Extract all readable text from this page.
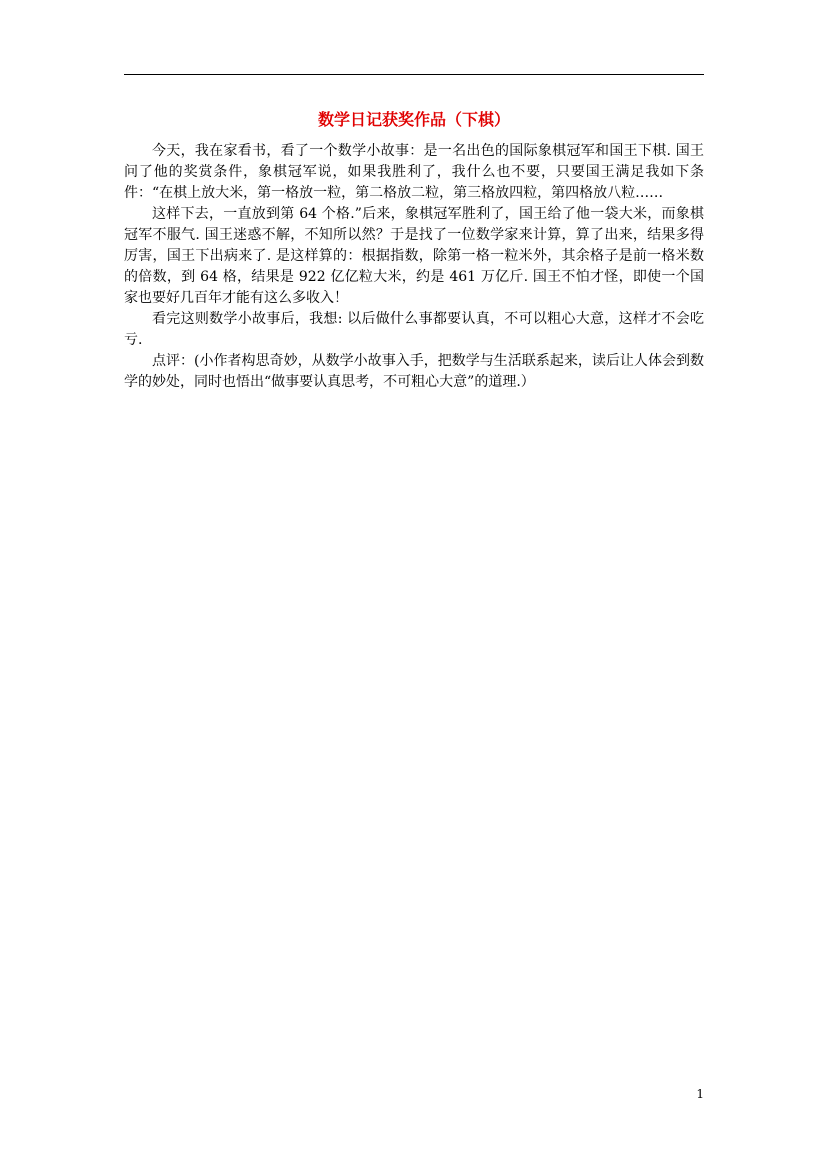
数学日记获奖作品（下棋）

今天，我在家看书，看了一个数学小故事：是一名出色的国际象棋冠军和国王下棋. 国王问了他的奖赏条件，象棋冠军说，如果我胜利了，我什么也不要，只要国王满足我如下条件：“在棋上放大米，第一格放一粒，第二格放二粒，第三格放四粒，第四格放八粒……

这样下去，一直放到第 64 个格.”后来，象棋冠军胜利了，国王给了他一袋大米，而象棋冠军不服气. 国王迷惑不解，不知所以然？于是找了一位数学家来计算，算了出来，结果多得厉害，国王下出病来了. 是这样算的：根据指数，除第一格一粒米外，其余格子是前一格米数的倍数，到 64 格，结果是 922 亿亿粒大米，约是 461 万亿斤. 国王不怕才怪，即使一个国家也要好几百年才能有这么多收入！

看完这则数学小故事后，我想: 以后做什么事都要认真，不可以粗心大意，这样才不会吃亏.

点评：(小作者构思奇妙，从数学小故事入手，把数学与生活联系起来，读后让人体会到数学的妙处，同时也悟出“做事要认真思考，不可粗心大意”的道理.）

1
